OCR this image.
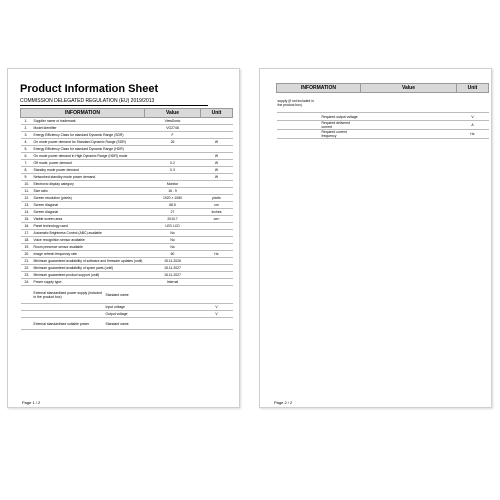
Product Information Sheet
COMMISSION DELEGATED REGULATION (EU) 2019/2013
INFORMATION			Value	Unit
1.	Supplier name or trademark		ViewSonic	
2.	Model identifier		VG2748	
3.	Energy Efficiency Class for standard Dynamic Range (SDR)		F	
4.	On mode power demand for Standard Dynamic Range (SDR)		26	W
5.	Energy Efficiency Class for standard Dynamic Range (HDR)			
6.	On mode power demand in High Dynamic Range (HDR) mode			W
7.	Off mode, power demand		0.2	W
8.	Standby mode power demand		0.3	W
9.	Networked standby mode power demand			W
10.	Electronic display category		Monitor	
11.	Size ratio		16 : 9	
12.	Screen resolution (pixels)		1920 × 1080	pixels
13.	Screen diagonal		68.5	cm
14.	Screen diagonal		27	inches
15.	Visible screen area		2010.7	cm²
16.	Panel technology used		LED LCD	
17.	Automatic Brightness Control (ABC) available		No	
18.	Voice recognition sensor available		No	
19.	Room presence sensor available		No	
20.	Image refresh frequency rate		60	Hz
21.	Minimum guaranteed availability of software and firmware updates (until)		15.11.2026	
22.	Minimum guaranteed availability of spare parts (until)		15.11.2027	
23.	Minimum guaranteed product support (until)		15.11.2027	
24.	Power supply type:		Internal	
	External standardised power supply (included in the product box)	Standard name		
		Input voltage		V
		Output voltage		V
	External standardised suitable power	Standard name		
Page 1 / 2
INFORMATION		Value	Unit
supply (if not included in the product box)			
	Required output voltage		V
	Required delivered current		A
	Required current frequency		Hz
Page 2 / 2
